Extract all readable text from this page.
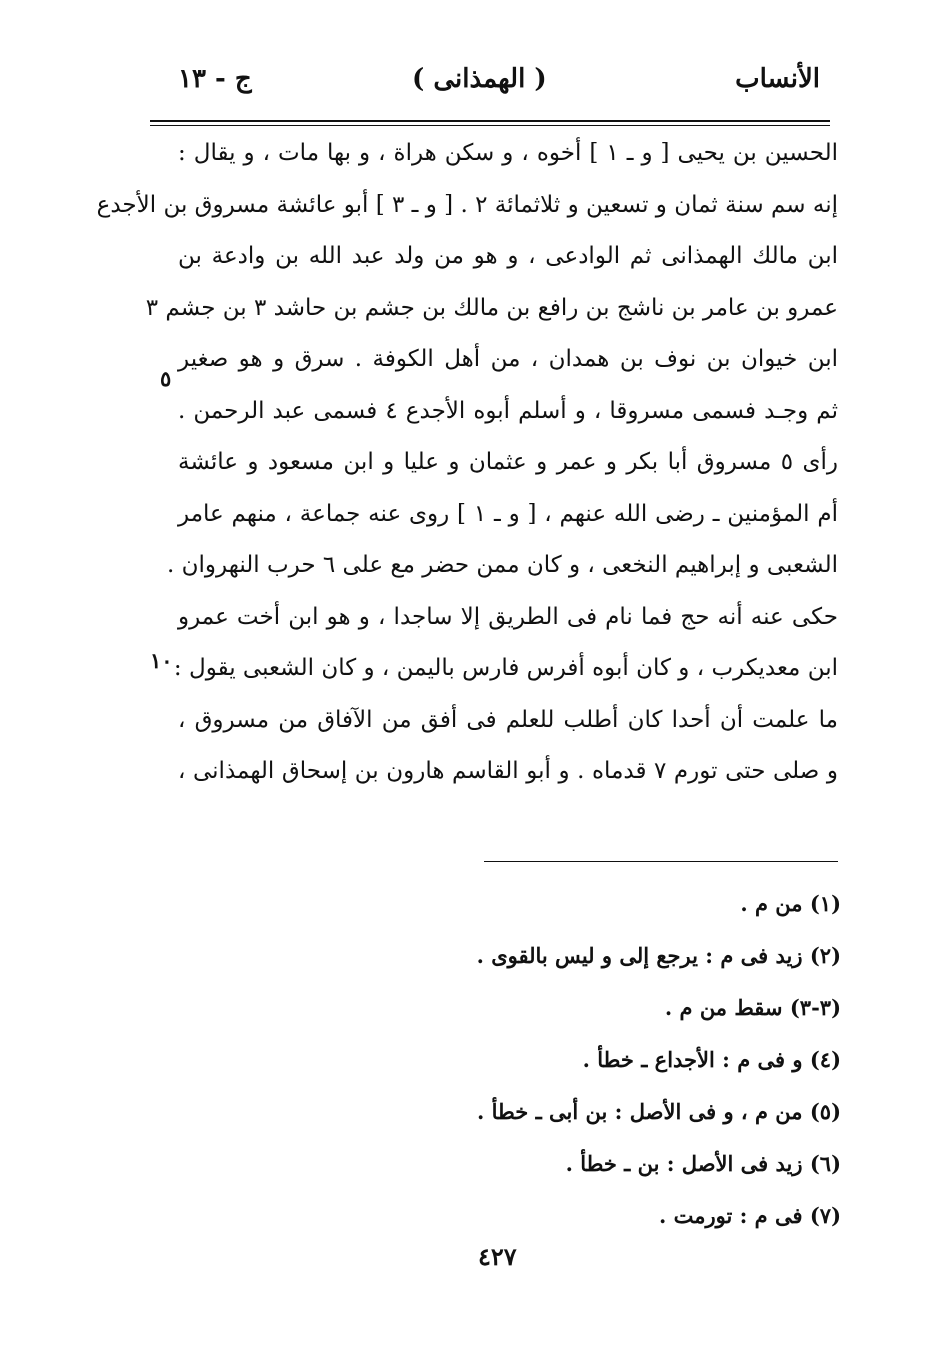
ج - ١٣	( الهمذانى )	الأنساب
الحسين بن يحيى [ و ـ ١ ] أخوه ، و سكن هراة ، و بها مات ، و يقال :
إنه سم سنة ثمان و تسعين و ثلاثمائة ٢ . [ و ـ ٣ ] أبو عائشة مسروق بن الأجدع
ابن مالك الهمذانى ثم الوادعى ، و هو من ولد عبد الله بن وادعة بن
عمرو بن عامر بن ناشج بن رافع بن مالك بن جشم بن حاشد ٣ بن جشم ٣
ابن خيوان بن نوف بن همدان ، من أهل الكوفة . سرق و هو صغير
ثم وجـد فسمى مسروقا ، و أسلم أبوه الأجدع ٤ فسمى عبد الرحمن .
رأى ٥ مسروق أبا بكر و عمر و عثمان و عليا و ابن مسعود و عائشة
أم المؤمنين ـ رضى الله عنهم ، [ و ـ ١ ] روى عنه جماعة ، منهم عامر
الشعبى و إبراهيم النخعى ، و كان ممن حضر مع على ٦ حرب النهروان .
حكى عنه أنه حج فما نام فى الطريق إلا ساجدا ، و هو ابن أخت عمرو
ابن معديكرب ، و كان أبوه أفرس فارس باليمن ، و كان الشعبى يقول :
ما علمت أن أحدا كان أطلب للعلم فى أفق من الآفاق من مسروق ،
و صلى حتى تورم ٧ قدماه . و أبو القاسم هارون بن إسحاق الهمذانى ،
٥
١٠
(١) من م .
(٢) زيد فى م : يرجع إلى و ليس بالقوى .
(٣-٣) سقط من م .
(٤) و فى م : الأجداع ـ خطأ .
(٥) من م ، و فى الأصل : بن أبى ـ خطأ .
(٦) زيد فى الأصل : بن ـ خطأ .
(٧) فى م : تورمت .
٤٢٧
